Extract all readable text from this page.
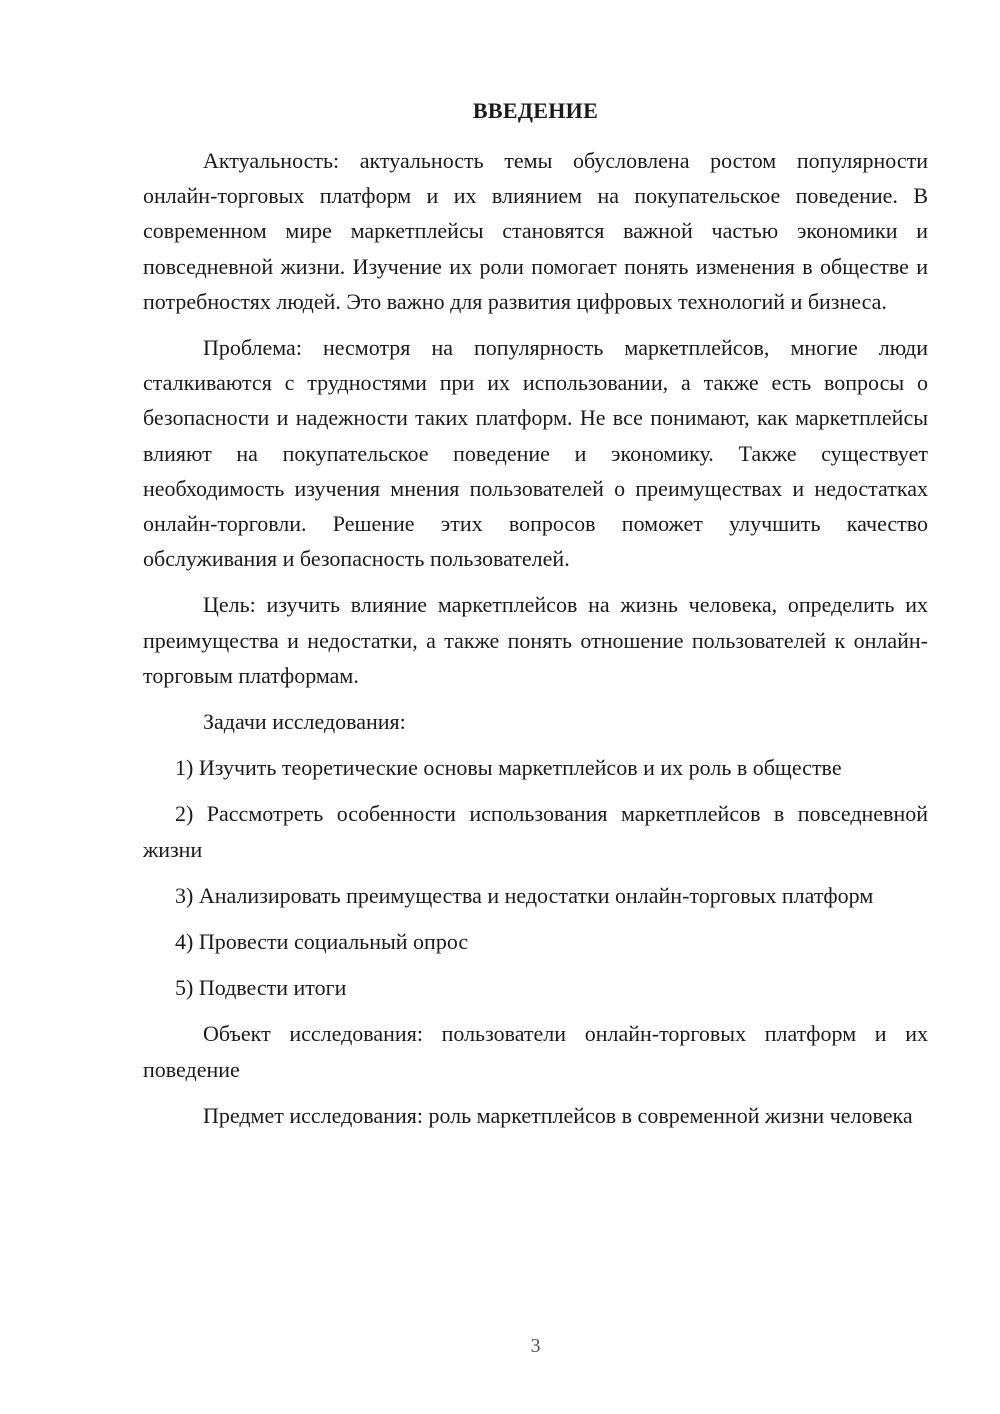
ВВЕДЕНИЕ

Актуальность: актуальность темы обусловлена ростом популярности онлайн-торговых платформ и их влиянием на покупательское поведение. В современном мире маркетплейсы становятся важной частью экономики и повседневной жизни. Изучение их роли помогает понять изменения в обществе и потребностях людей. Это важно для развития цифровых технологий и бизнеса.

Проблема: несмотря на популярность маркетплейсов, многие люди сталкиваются с трудностями при их использовании, а также есть вопросы о безопасности и надежности таких платформ. Не все понимают, как маркетплейсы влияют на покупательское поведение и экономику. Также существует необходимость изучения мнения пользователей о преимуществах и недостатках онлайн-торговли. Решение этих вопросов поможет улучшить качество обслуживания и безопасность пользователей.

Цель: изучить влияние маркетплейсов на жизнь человека, определить их преимущества и недостатки, а также понять отношение пользователей к онлайн-торговым платформам.

Задачи исследования:

1) Изучить теоретические основы маркетплейсов и их роль в обществе

2) Рассмотреть особенности использования маркетплейсов в повседневной жизни

3) Анализировать преимущества и недостатки онлайн-торговых платформ

4) Провести социальный опрос

5) Подвести итоги

Объект исследования: пользователи онлайн-торговых платформ и их поведение

Предмет исследования: роль маркетплейсов в современной жизни человека

3
